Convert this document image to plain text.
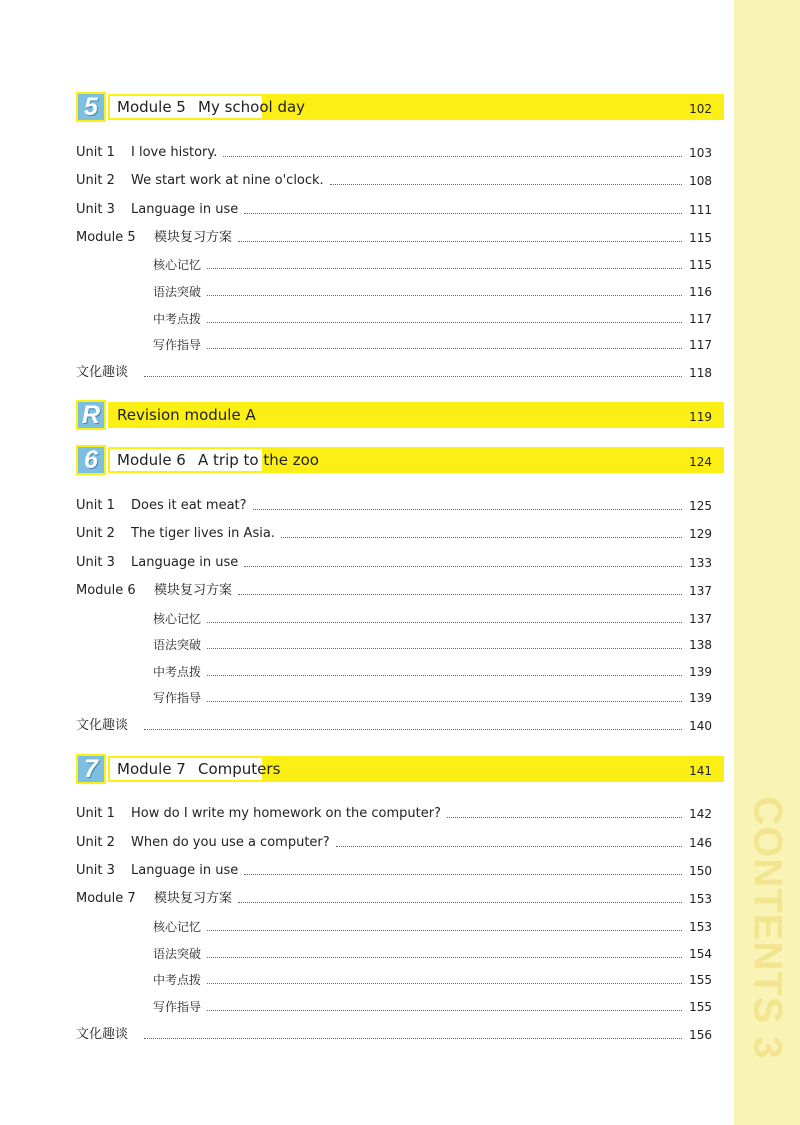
CONTENTS 3
5	Module 5 My school day	102
Unit 1	I love history.	103
Unit 2	We start work at nine o'clock.	108
Unit 3	Language in use	111
Module 5	模块复习方案	115
核心记忆	115
语法突破	116
中考点拨	117
写作指导	117
文化趣谈	118
R Revision module A	119
6	Module 6 A trip to the zoo	124
Unit 1	Does it eat meat?	125
Unit 2	The tiger lives in Asia.	129
Unit 3	Language in use	133
Module 6	模块复习方案	137
核心记忆	137
语法突破	138
中考点拨	139
写作指导	139
文化趣谈	140
7	Module 7 Computers	141
Unit 1	How do I write my homework on the computer?	142
Unit 2	When do you use a computer?	146
Unit 3	Language in use	150
Module 7	模块复习方案	153
核心记忆	153
语法突破	154
中考点拨	155
写作指导	155
文化趣谈	156
